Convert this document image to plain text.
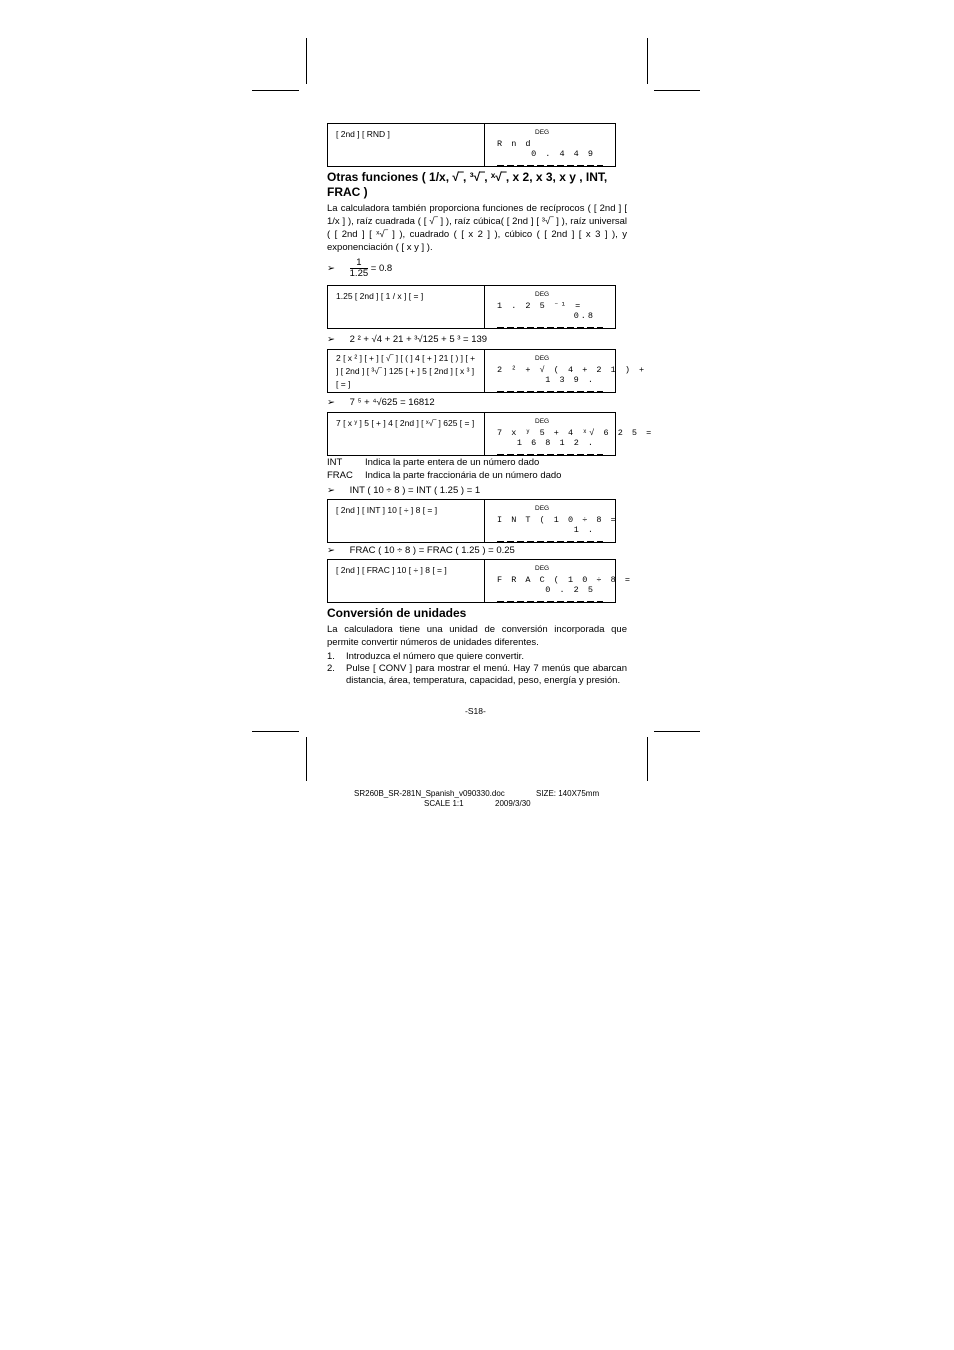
[ 2nd ] [ RND ]	DEG
R n d
0 . 4 4 9
Otras funciones ( 1/x, √‾, ³√‾, ˣ√‾, x 2, x 3, x y , INT,
FRAC )
La calculadora también proporciona funciones de recíprocos ( [ 2nd ] [ 1/x ] ), raíz cuadrada ( [ √‾ ] ), raíz cúbica( [ 2nd ] [ ³√‾ ] ), raíz universal ( [ 2nd ] [ ˣ√‾ ] ), cuadrado ( [ x 2 ] ), cúbico ( [ 2nd ] [ x 3 ] ), y exponenciación ( [ x y ] ).
➢ $\frac{1}{1.25} = 0.8$
1.25 [ 2nd ] [ 1 / x ] [ = ]	DEG
1 . 2 5 ⁻¹ =
0.8
➢ 2 ² + √4 + 21 + ³√125 + 5 ³ = 139
2 [ x ² ] [ + ] [ √‾ ] [ ( ] 4 [ + ] 21 [ ) ] [ + ] [ 2nd ] [ ³√‾ ] 125 [ + ] 5 [ 2nd ] [ x ³ ] [ = ]
DEG
2 ² + √ ( 4 + 2 1 ) +
1 3 9 .
➢ 7 ⁵ + ⁴√625 = 16812
7 [ x ʸ ] 5 [ + ] 4 [ 2nd ] [ ˣ√‾ ] 625 [ = ]	DEG
7 x ʸ 5 + 4 ˣ√ 6 2 5 =
1 6 8 1 2 .
INT Indica la parte entera de un número dado
FRAC Indica la parte fraccionária de un número dado
➢ INT ( 10 ÷ 8 ) = INT ( 1.25 ) = 1
[ 2nd ] [ INT ] 10 [ ÷ ] 8 [ = ]	DEG
I N T ( 1 0 ÷ 8 =
1 .
➢ FRAC ( 10 ÷ 8 ) = FRAC ( 1.25 ) = 0.25
[ 2nd ] [ FRAC ] 10 [ ÷ ] 8 [ = ]	DEG
F R A C ( 1 0 ÷ 8 =
0 . 2 5
Conversión de unidades
La calculadora tiene una unidad de conversión incorporada que permite convertir números de unidades diferentes.
1. Introduzca el número que quiere convertir.
2. Pulse [ CONV ] para mostrar el menú. Hay 7 menús que abarcan distancia, área, temperatura, capacidad, peso, energía y presión.
-S18-
SR260B_SR-281N_Spanish_v090330.doc	SIZE: 140X75mm
SCALE 1:1	2009/3/30
